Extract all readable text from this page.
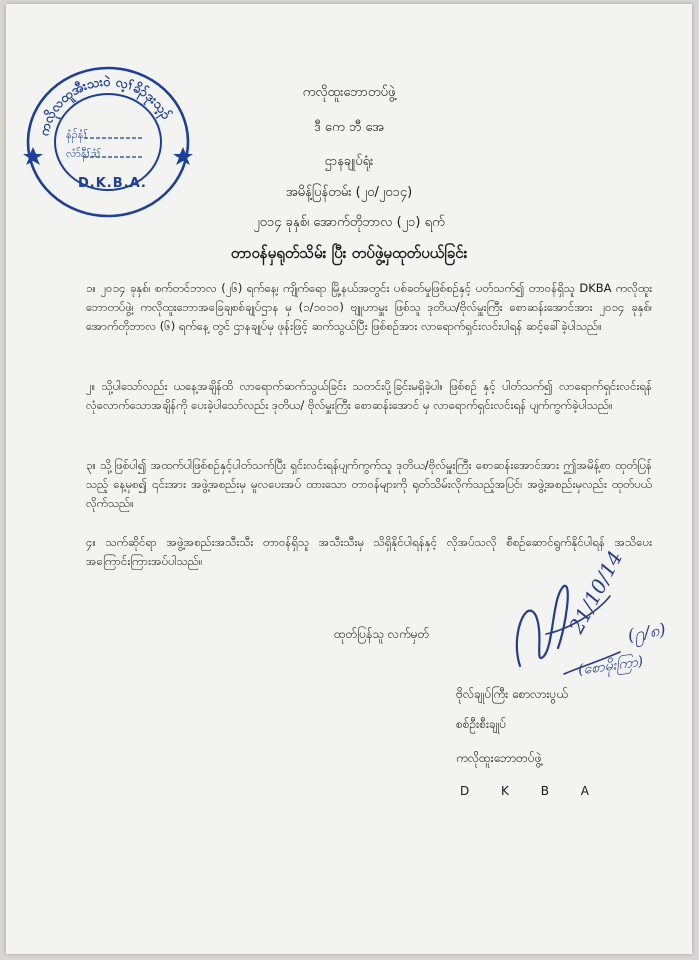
ကလိုလထူအီးသးဝဲ လ့ၢ်ခိၣ်ဒုးသ့ၣ်
နံၣ်နံၢ်
လံာ်နီၢ်ဒံၢ်
D.K.B.A.
ကလိုထူးဘောတပ်ဖွဲ့
ဒီ ကေ ဘီ အေ
ဌာနချုပ်ရုံး
အမိန့်ပြန်တမ်း (၂၀/၂၀၁၄)
၂၀၁၄ ခုနှစ်၊ အောက်တိုဘာလ (၂၁) ရက်
တာဝန်မှရုတ်သိမ်း ပြီး တပ်ဖွဲ့မှထုတ်ပယ်ခြင်း
၁။ ၂၀၁၄ ခုနှစ်၊ စက်တင်ဘာလ (၂၆) ရက်နေ့၊ ကျိုက်ရော မြို့နယ်အတွင်း ပစ်ခတ်မှုဖြစ်စဉ်နှင့် ပတ်သက်၍ တာဝန်ရှိသူ DKBA ကလိုထူးဘောတပ်ဖွဲ့၊ ကလိုထူးဘောအခြေချစစ်ချုပ်ဌာန မှ (၁/၁၀၁၀) ဗျူဟာမှူး ဖြစ်သူ ဒုတိယ/ဗိုလ်မှူးကြီး စောဆန်းအောင်အား ၂၀၁၄ ခုနှစ်၊ အောက်တိုဘာလ (၆) ရက်နေ့ တွင် ဌာနချုပ်မှ ဖုန်းဖြင့် ဆက်သွယ်ပြီး ဖြစ်စဉ်အား လာရောက်ရှင်းလင်းပါရန် ဆင့်ခေါ်ခဲ့ပါသည်။
၂။ သို့ပါသော်လည်း ယနေ့အချိန်ထိ လာရောက်ဆက်သွယ်ခြင်း သတင်းပို့ခြင်းမရှိခဲ့ပါ။ ဖြစ်စဉ် နှင့် ပါတ်သက်၍ လာရောက်ရှင်းလင်းရန် လုံလောက်သောအချိန်ကို ပေးခဲ့ပါသော်လည်း ဒုတိယ/ ဗိုလ်မှူးကြီး စောဆန်းအောင် မှ လာရောက်ရှင်းလင်းရန် ပျက်ကွက်ခဲ့ပါသည်။
၃။ သို့ဖြစ်ပါ၍ အထက်ပါဖြစ်စဉ်နှင့်ပါတ်သက်ပြီး ရှင်းလင်းရန်ပျက်ကွက်သူ ဒုတိယ/ဗိုလ်မှူးကြီး စောဆန်းအောင်အား ဤအမိန့်စာ ထုတ်ပြန်သည့် နေ့မှစ၍ ၎င်းအား အဖွဲ့အစည်းမှ မူလပေးအပ် ထားသော တာဝန်များကို ရုတ်သိမ်းလိုက်သည့်အပြင်၊ အဖွဲ့အစည်းမှလည်း ထုတ်ပယ်လိုက်သည်။
၄။ သက်ဆိုင်ရာ အဖွဲ့အစည်းအသီးသီး တာဝန်ရှိသူ အသီးသီးမှ သိရှိနိုင်ပါရန်နှင့် လိုအပ်သလို စီစဉ်ဆောင်ရွက်နိုင်ပါရန် အသိပေး အကြောင်းကြားအပ်ပါသည်။
ထုတ်ပြန်သူ လက်မှတ်
ဗိုလ်ချုပ်ကြီး စောလားပွယ်
စစ်ဦးစီးချုပ်
ကလိုထူးဘောတပ်ဖွဲ့
D K B A
21/10/14
(႐/၈)
(စောမိုးကြာ)
